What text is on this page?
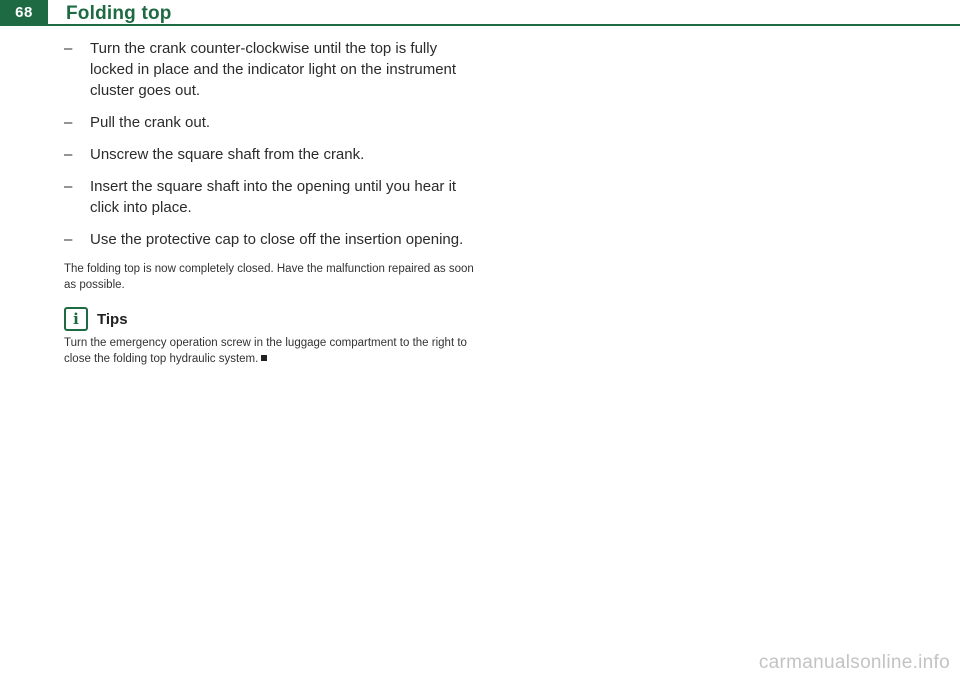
68	Folding top
– Turn the crank counter-clockwise until the top is fully locked in place and the indicator light on the instrument cluster goes out.
– Pull the crank out.
– Unscrew the square shaft from the crank.
– Insert the square shaft into the opening until you hear it click into place.
– Use the protective cap to close off the insertion opening.

The folding top is now completely closed. Have the malfunction repaired as soon as possible.

i	Tips

Turn the emergency operation screw in the luggage compartment to the right to close the folding top hydraulic system.

carmanualsonline.info
